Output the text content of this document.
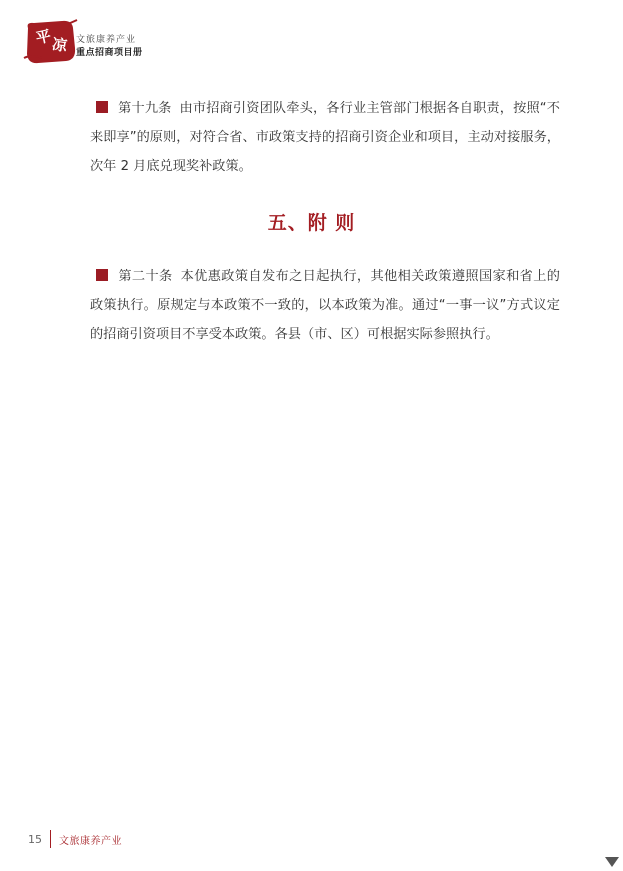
平
凉 文旅康养产业
重点招商项目册
第十九条 由市招商引资团队牵头，各行业主管部门根据各自职责，按照“不来即享”的原则，对符合省、市政策支持的招商引资企业和项目，主动对接服务，次年 2 月底兑现奖补政策。
五、附 则
第二十条 本优惠政策自发布之日起执行，其他相关政策遵照国家和省上的政策执行。原规定与本政策不一致的，以本政策为准。通过“一事一议”方式议定的招商引资项目不享受本政策。各县（市、区）可根据实际参照执行。
15 文旅康养产业
